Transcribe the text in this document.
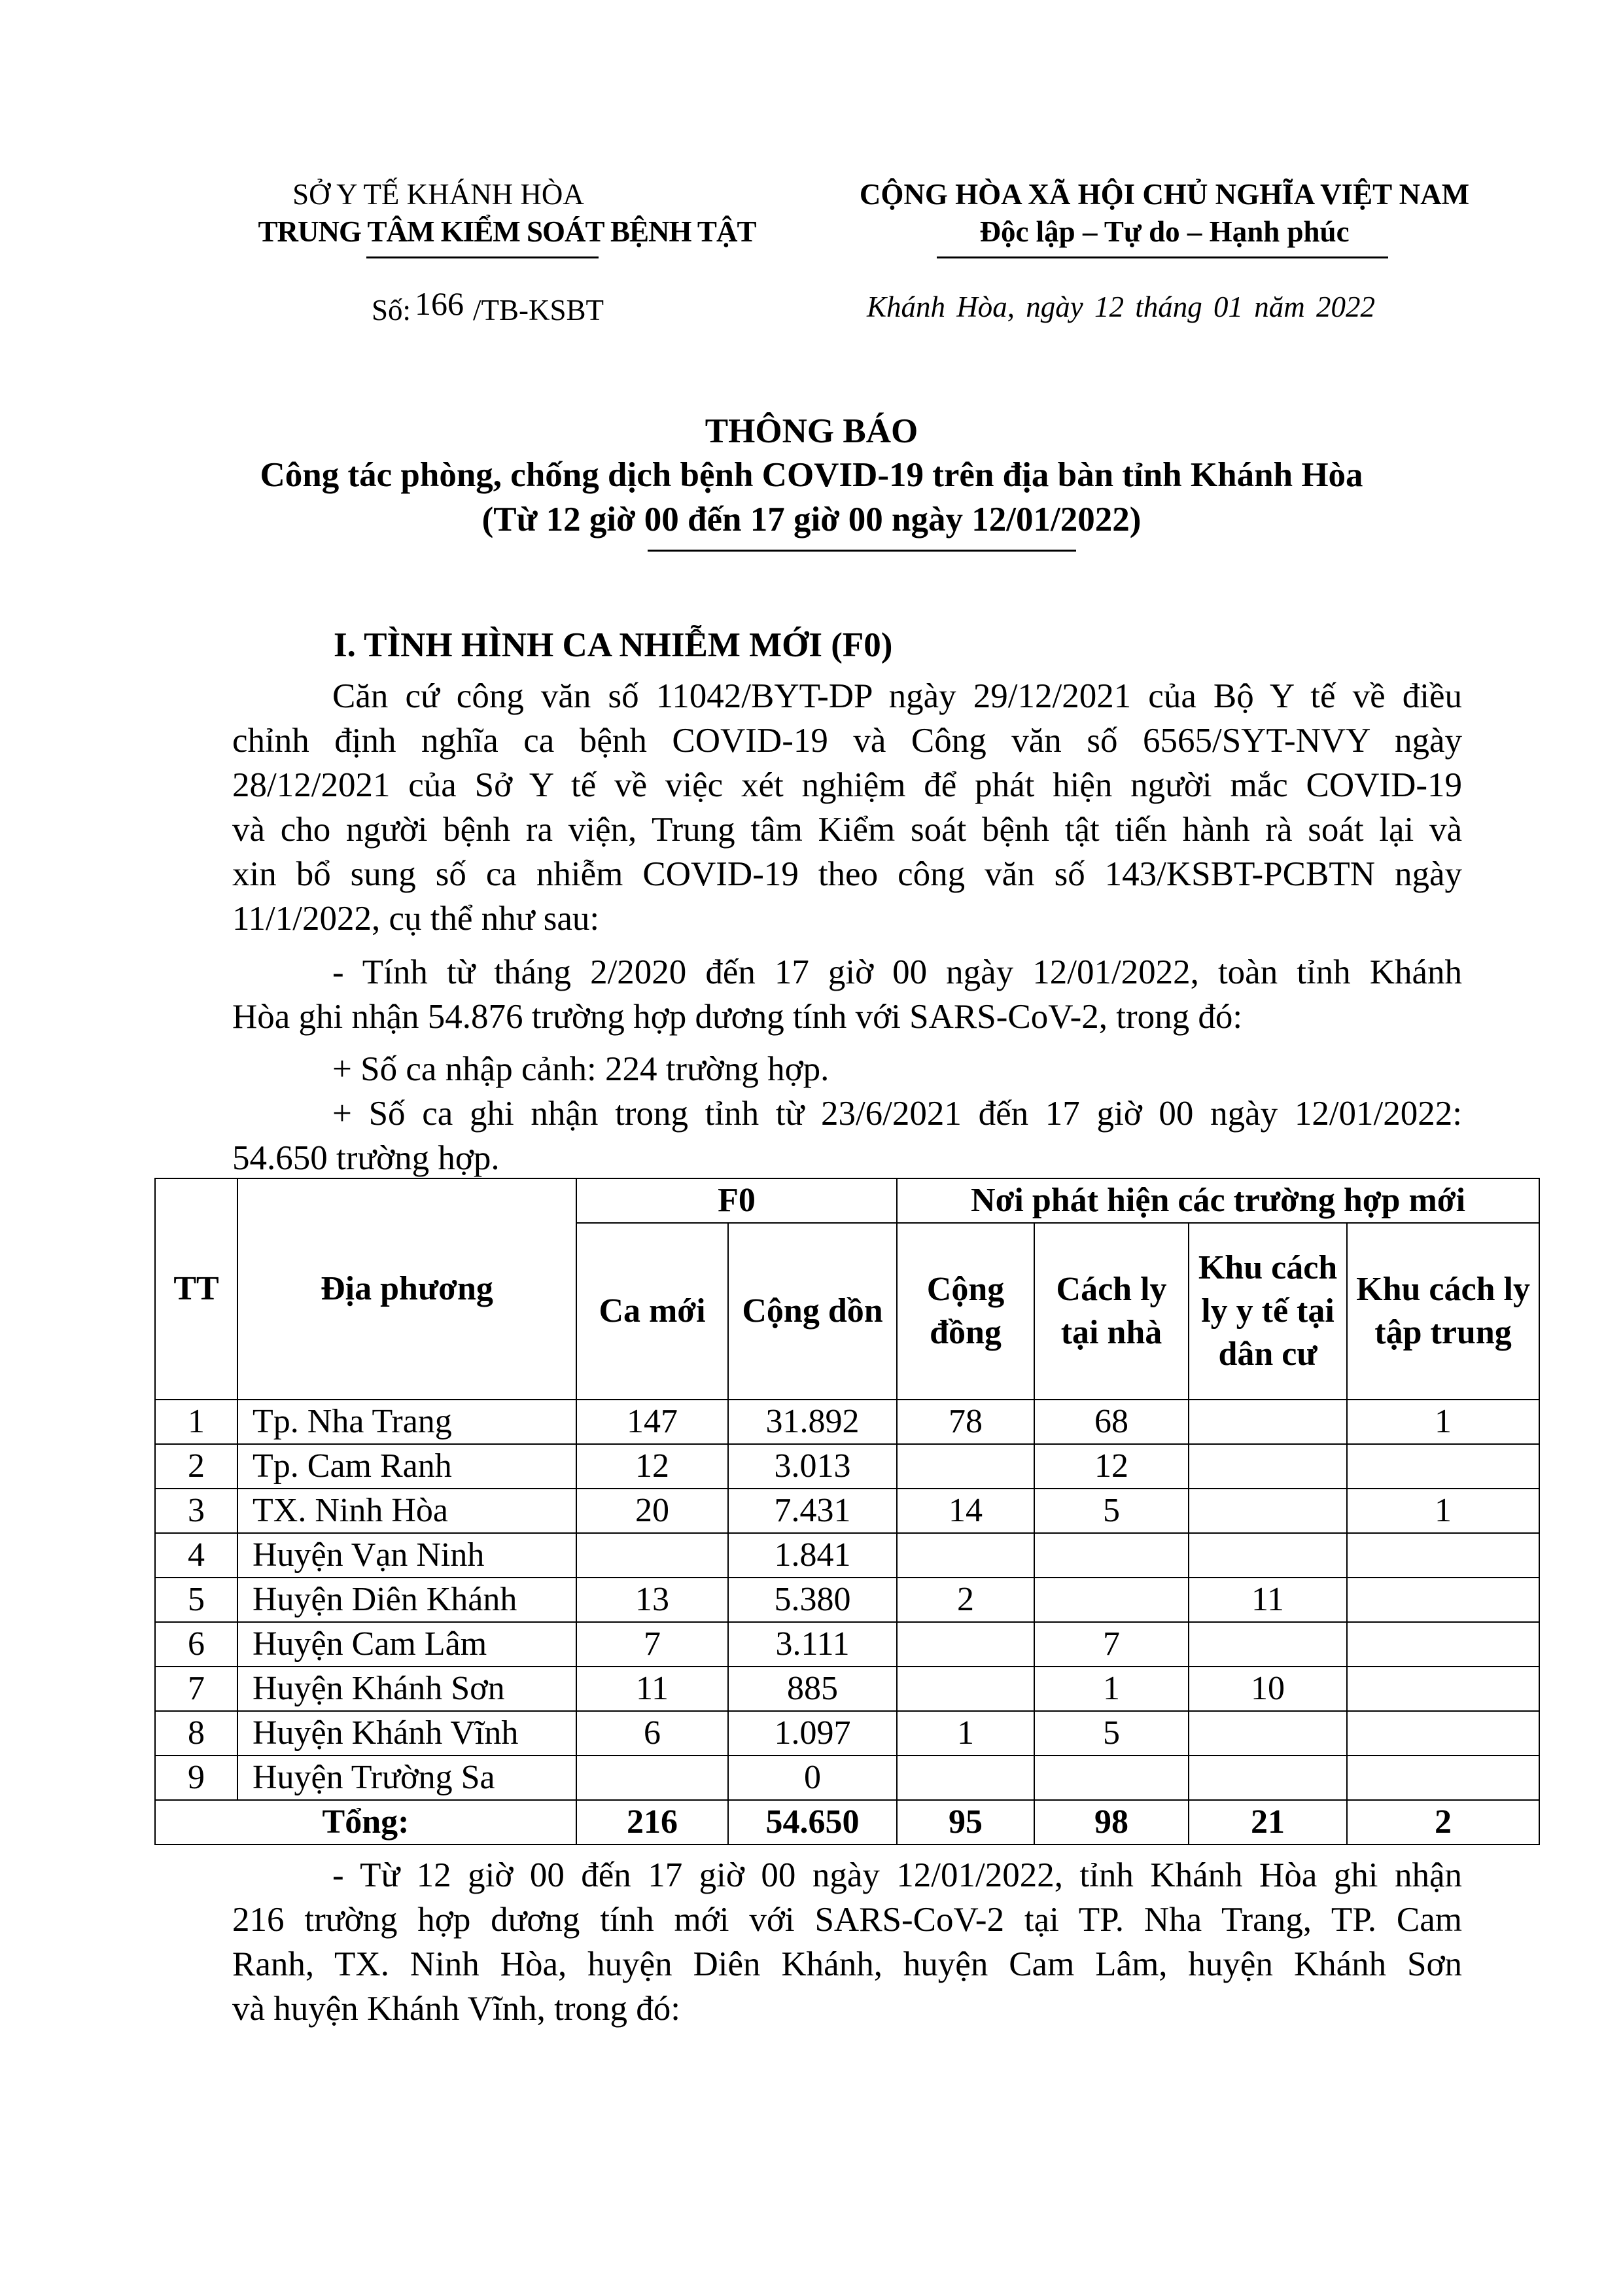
SỞ Y TẾ KHÁNH HÒA
TRUNG TÂM KIỂM SOÁT BỆNH TẬT
CỘNG HÒA XÃ HỘI CHỦ NGHĨA VIỆT NAM
Độc lập – Tự do – Hạnh phúc
Số: 166 /TB-KSBT	Khánh Hòa, ngày 12 tháng 01 năm 2022
THÔNG BÁO
Công tác phòng, chống dịch bệnh COVID-19 trên địa bàn tỉnh Khánh Hòa
(Từ 12 giờ 00 đến 17 giờ 00 ngày 12/01/2022)
I. TÌNH HÌNH CA NHIỄM MỚI (F0)
Căn cứ công văn số 11042/BYT-DP ngày 29/12/2021 của Bộ Y tế về điều
chỉnh định nghĩa ca bệnh COVID-19 và Công văn số 6565/SYT-NVY ngày
28/12/2021 của Sở Y tế về việc xét nghiệm để phát hiện người mắc COVID-19
và cho người bệnh ra viện, Trung tâm Kiểm soát bệnh tật tiến hành rà soát lại và
xin bổ sung số ca nhiễm COVID-19 theo công văn số 143/KSBT-PCBTN ngày
11/1/2022, cụ thể như sau:
- Tính từ tháng 2/2020 đến 17 giờ 00 ngày 12/01/2022, toàn tỉnh Khánh
Hòa ghi nhận 54.876 trường hợp dương tính với SARS-CoV-2, trong đó:
+ Số ca nhập cảnh: 224 trường hợp.
+ Số ca ghi nhận trong tỉnh từ 23/6/2021 đến 17 giờ 00 ngày 12/01/2022:
54.650 trường hợp.
TT	Địa phương	F0		Nơi phát hiện các trường hợp mới			
		Ca mới	Cộng dồn	Cộng đồng	Cách ly tại nhà	Khu cách ly y tế tại dân cư	Khu cách ly tập trung
1	Tp. Nha Trang	147	31.892	78	68		1
2	Tp. Cam Ranh	12	3.013		12		
3	TX. Ninh Hòa	20	7.431	14	5		1
4	Huyện Vạn Ninh		1.841				
5	Huyện Diên Khánh	13	5.380	2		11	
6	Huyện Cam Lâm	7	3.111		7		
7	Huyện Khánh Sơn	11	885		1	10	
8	Huyện Khánh Vĩnh	6	1.097	1	5		
9	Huyện Trường Sa		0				
Tổng:		216	54.650	95	98	21	2
- Từ 12 giờ 00 đến 17 giờ 00 ngày 12/01/2022, tỉnh Khánh Hòa ghi nhận
216 trường hợp dương tính mới với SARS-CoV-2 tại TP. Nha Trang, TP. Cam
Ranh, TX. Ninh Hòa, huyện Diên Khánh, huyện Cam Lâm, huyện Khánh Sơn
và huyện Khánh Vĩnh, trong đó:
